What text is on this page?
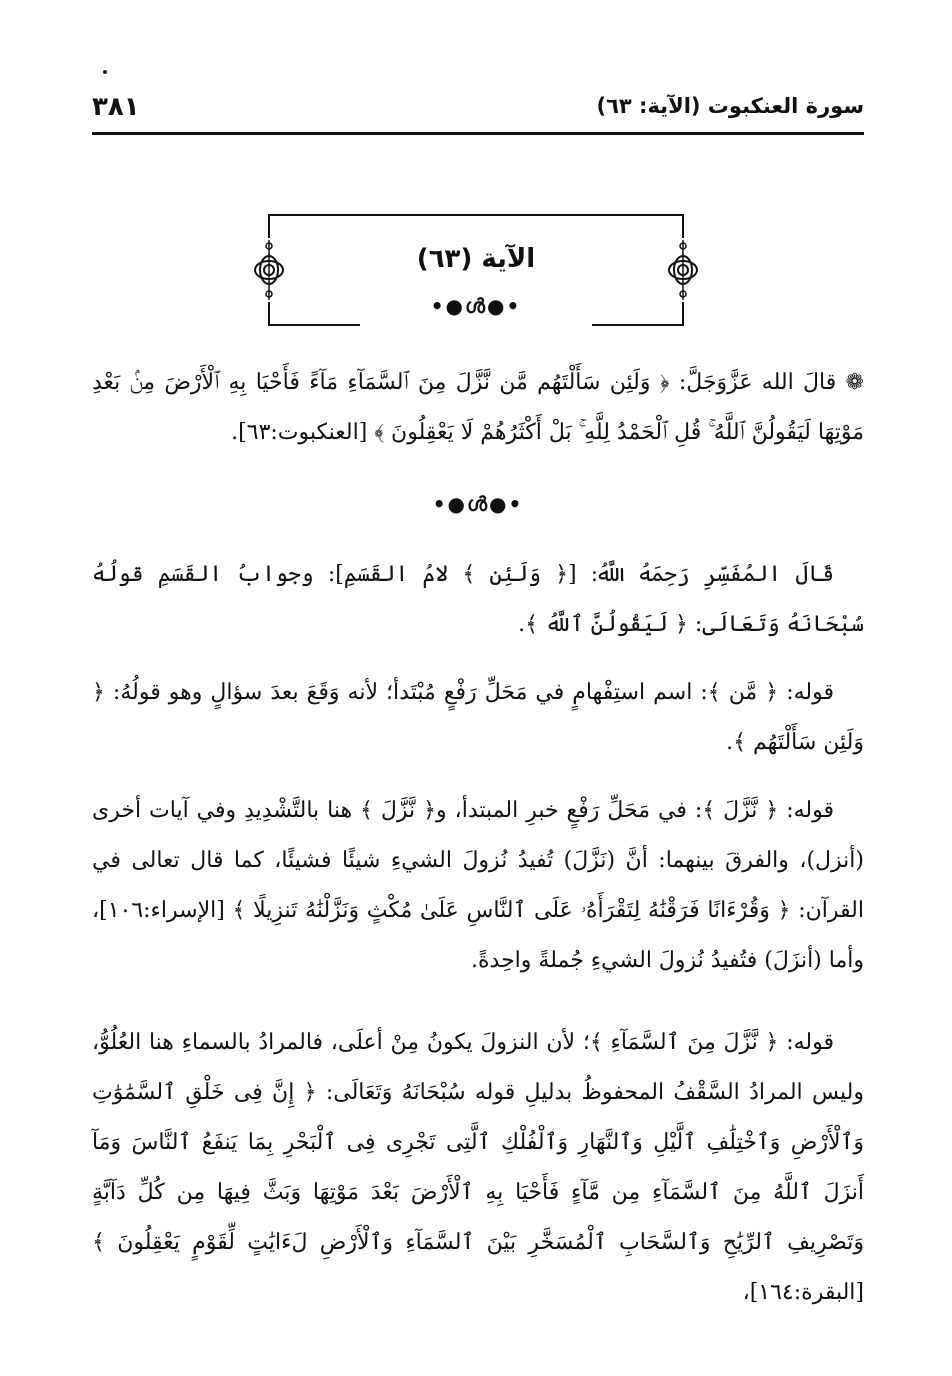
٣٨١	سورة العنكبوت (الآية: ٦٣)
الآية (٦٣)
•●ൾ●•

❁ قالَ الله عَزَّوَجَلَّ: ﴿ وَلَئِن سَأَلْتَهُم مَّن نَّزَّلَ مِنَ ٱلسَّمَآءِ مَآءً فَأَحْيَا بِهِ ٱلْأَرْضَ مِنۢ بَعْدِ مَوْتِهَا لَيَقُولُنَّ ٱللَّهُ ۚ قُلِ ٱلْحَمْدُ لِلَّهِ ۚ بَلْ أَكْثَرُهُمْ لَا يَعْقِلُونَ ﴾ [العنكبوت:٦٣].

•●ൾ●•

قَالَ المُفَسِّرِ رَحِمَهُ اللَّهُ: [﴿ وَلَئِن ﴾ لامُ القَسَمِ]: وجوابُ القَسَمِ قولُهُ سُبْحَانَهُ وَتَعَالَى: ﴿ لَيَقُولُنَّ ٱللَّهُ ﴾.

قوله: ﴿ مَّن ﴾: اسم استِفْهامٍ في مَحَلِّ رَفْعٍ مُبْتَدأ؛ لأنه وَقَعَ بعدَ سؤالٍ وهو قولُهُ: ﴿ وَلَئِن سَأَلْتَهُم ﴾.

قوله: ﴿ نَّزَّلَ ﴾: في مَحَلِّ رَفْعٍ خبرِ المبتدأ، و﴿ نَّزَّلَ ﴾ هنا بالتَّشْدِيدِ وفي آيات أخرى (أنزل)، والفرقَ بينهما: أنَّ (نَزَّلَ) تُفيدُ نُزولَ الشيءِ شيئًا فشيئًا، كما قال تعالى في القرآن: ﴿ وَقُرْءَانًا فَرَقْنَٰهُ لِتَقْرَأَهُۥ عَلَى ٱلنَّاسِ عَلَىٰ مُكْثٍ وَنَزَّلْنَٰهُ تَنزِيلًا ﴾ [الإسراء:١٠٦]، وأما (أنزَلَ) فتُفيدُ نُزولَ الشيءِ جُملةً واحِدةً.

قوله: ﴿ نَّزَّلَ مِنَ ٱلسَّمَآءِ ﴾؛ لأن النزولَ يكونُ مِنْ أعلَى، فالمرادُ بالسماءِ هنا العُلُوُّ، وليس المرادُ السَّقْفُ المحفوظُ بدليلِ قوله سُبْحَانَهُ وَتَعَالَى: ﴿ إِنَّ فِى خَلْقِ ٱلسَّمَٰوَٰتِ وَٱلْأَرْضِ وَٱخْتِلَٰفِ ٱلَّيْلِ وَٱلنَّهَارِ وَٱلْفُلْكِ ٱلَّتِى تَجْرِى فِى ٱلْبَحْرِ بِمَا يَنفَعُ ٱلنَّاسَ وَمَآ أَنزَلَ ٱللَّهُ مِنَ ٱلسَّمَآءِ مِن مَّآءٍ فَأَحْيَا بِهِ ٱلْأَرْضَ بَعْدَ مَوْتِهَا وَبَثَّ فِيهَا مِن كُلِّ دَآبَّةٍ وَتَصْرِيفِ ٱلرِّيَٰحِ وَٱلسَّحَابِ ٱلْمُسَخَّرِ بَيْنَ ٱلسَّمَآءِ وَٱلْأَرْضِ لَءَايَٰتٍ لِّقَوْمٍ يَعْقِلُونَ ﴾ [البقرة:١٦٤]،
